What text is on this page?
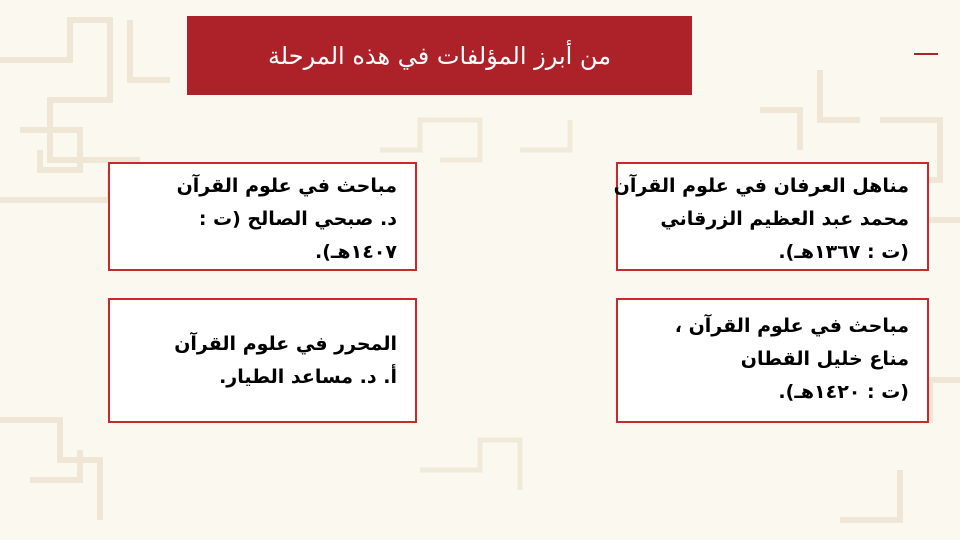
من أبرز المؤلفات في هذه المرحلة
مناهل العرفان في علوم القرآن
محمد عبد العظيم الزرقاني
(ت : ١٣٦٧هـ).
مباحث في علوم القرآن
د. صبحي الصالح (ت :
١٤٠٧هـ).
مباحث في علوم القرآن ،
مناع خليل القطان
(ت : ١٤٢٠هـ).
المحرر في علوم القرآن
أ. د. مساعد الطيار.
